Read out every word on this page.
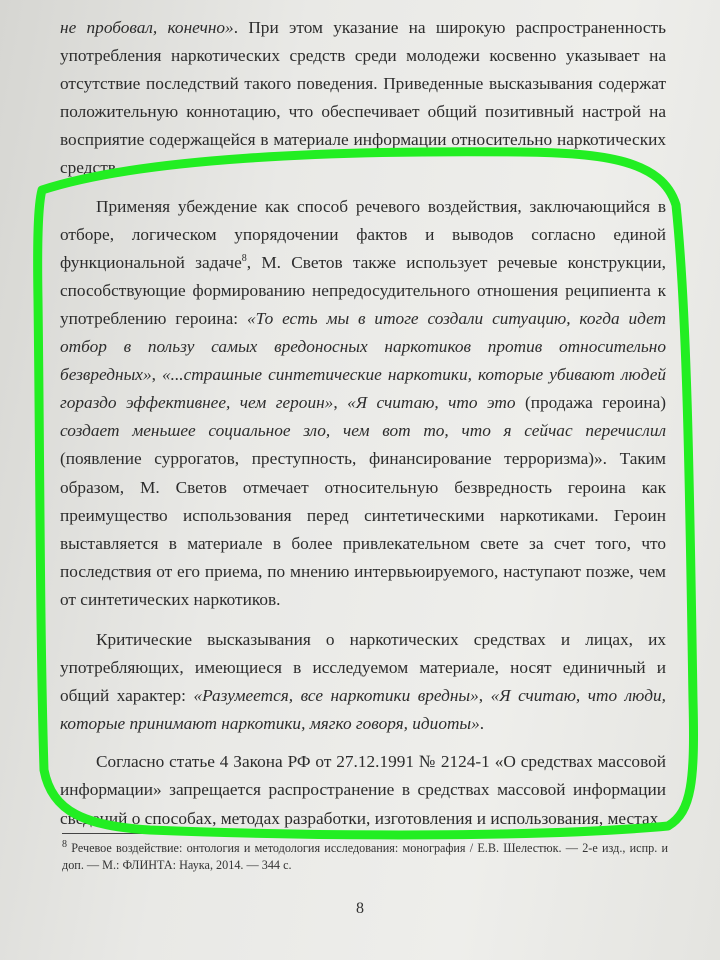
не пробовал, конечно». При этом указание на широкую распространенность употребления наркотических средств среди молодежи косвенно указывает на отсутствие последствий такого поведения. Приведенные высказывания содержат положительную коннотацию, что обеспечивает общий позитивный настрой на восприятие содержащейся в материале информации относительно наркотических средств.

Применяя убеждение как способ речевого воздействия, заключающийся в отборе, логическом упорядочении фактов и выводов согласно единой функциональной задаче$^8$, М. Светов также использует речевые конструкции, способствующие формированию непредосудительного отношения реципиента к употреблению героина: «То есть мы в итоге создали ситуацию, когда идет отбор в пользу самых вредоносных наркотиков против относительно безвредных», «...страшные синтетические наркотики, которые убивают людей гораздо эффективнее, чем героин», «Я считаю, что это (продажа героина) создает меньшее социальное зло, чем вот то, что я сейчас перечислил (появление суррогатов, преступность, финансирование терроризма)». Таким образом, М. Светов отмечает относительную безвредность героина как преимущество использования перед синтетическими наркотиками. Героин выставляется в материале в более привлекательном свете за счет того, что последствия от его приема, по мнению интервьюируемого, наступают позже, чем от синтетических наркотиков.

Критические высказывания о наркотических средствах и лицах, их употребляющих, имеющиеся в исследуемом материале, носят единичный и общий характер: «Разумеется, все наркотики вредны», «Я считаю, что люди, которые принимают наркотики, мягко говоря, идиоты».

Согласно статье 4 Закона РФ от 27.12.1991 № 2124-1 «О средствах массовой информации» запрещается распространение в средствах массовой информации сведений о способах, методах разработки, изготовления и использования, местах

$^8$ Речевое воздействие: онтология и методология исследования: монография / Е.В. Шелестюк. — 2-е изд., испр. и доп. — М.: ФЛИНТА: Наука, 2014. — 344 с.
8
